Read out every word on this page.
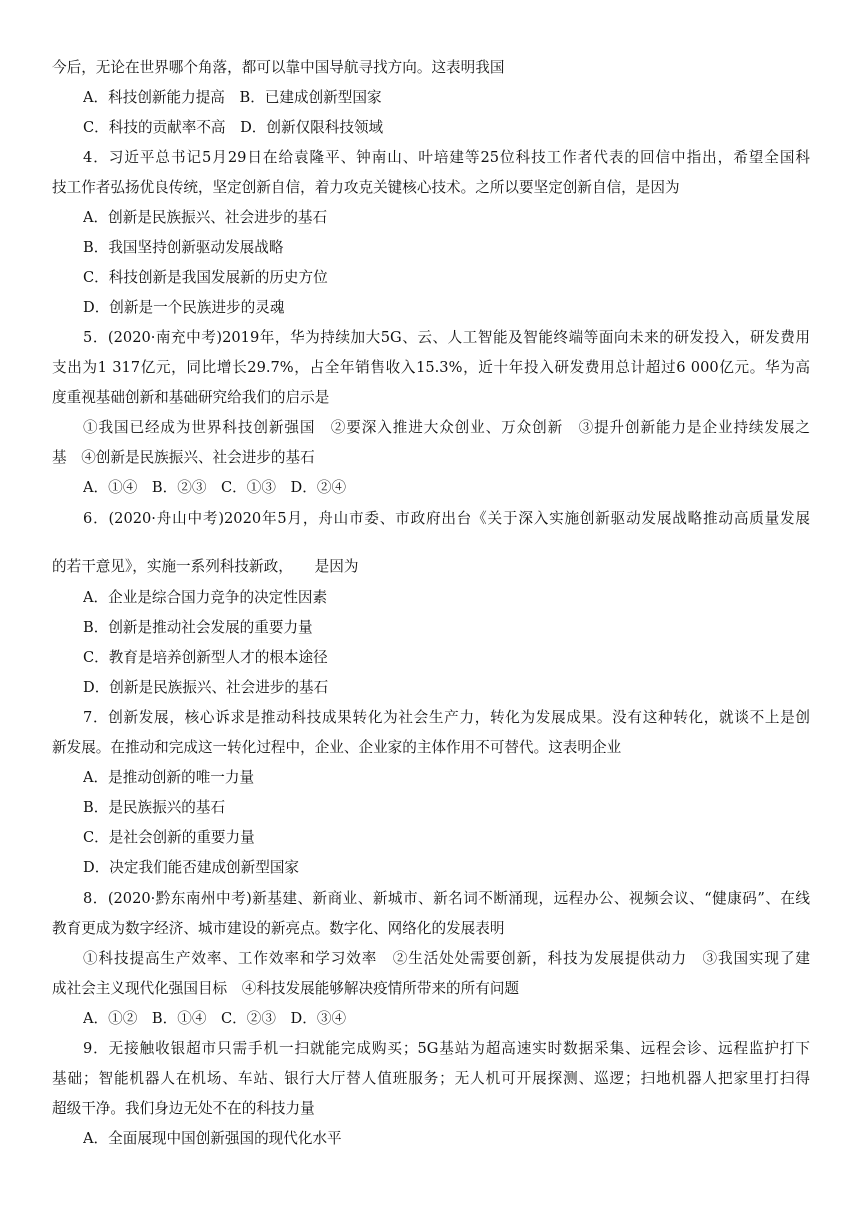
今后，无论在世界哪个角落，都可以靠中国导航寻找方向。这表明我国
A．科技创新能力提高　B．已建成创新型国家
C．科技的贡献率不高　D．创新仅限科技领域
4．习近平总书记5月29日在给袁隆平、钟南山、叶培建等25位科技工作者代表的回信中指出，希望全国科
技工作者弘扬优良传统，坚定创新自信，着力攻克关键核心技术。之所以要坚定创新自信，是因为
A．创新是民族振兴、社会进步的基石
B．我国坚持创新驱动发展战略
C．科技创新是我国发展新的历史方位
D．创新是一个民族进步的灵魂
5．(2020·南充中考)2019年，华为持续加大5G、云、人工智能及智能终端等面向未来的研发投入，研发费用
支出为1 317亿元，同比增长29.7%，占全年销售收入15.3%，近十年投入研发费用总计超过6 000亿元。华为高
度重视基础创新和基础研究给我们的启示是
①我国已经成为世界科技创新强国　②要深入推进大众创业、万众创新　③提升创新能力是企业持续发展之
基　④创新是民族振兴、社会进步的基石
A．①④　B．②③　C．①③　D．②④
6．(2020·舟山中考)2020年5月，舟山市委、市政府出台《关于深入实施创新驱动发展战略推动高质量发展
的若干意见》，实施一系列科技新政，　　是因为
A．企业是综合国力竞争的决定性因素
B．创新是推动社会发展的重要力量
C．教育是培养创新型人才的根本途径
D．创新是民族振兴、社会进步的基石
7．创新发展，核心诉求是推动科技成果转化为社会生产力，转化为发展成果。没有这种转化，就谈不上是创
新发展。在推动和完成这一转化过程中，企业、企业家的主体作用不可替代。这表明企业
A．是推动创新的唯一力量
B．是民族振兴的基石
C．是社会创新的重要力量
D．决定我们能否建成创新型国家
8．(2020·黔东南州中考)新基建、新商业、新城市、新名词不断涌现，远程办公、视频会议、“健康码”、在线
教育更成为数字经济、城市建设的新亮点。数字化、网络化的发展表明
①科技提高生产效率、工作效率和学习效率　②生活处处需要创新，科技为发展提供动力　③我国实现了建
成社会主义现代化强国目标　④科技发展能够解决疫情所带来的所有问题
A．①②　B．①④　C．②③　D．③④
9．无接触收银超市只需手机一扫就能完成购买；5G基站为超高速实时数据采集、远程会诊、远程监护打下
基础；智能机器人在机场、车站、银行大厅替人值班服务；无人机可开展探测、巡逻；扫地机器人把家里打扫得
超级干净。我们身边无处不在的科技力量
A．全面展现中国创新强国的现代化水平
